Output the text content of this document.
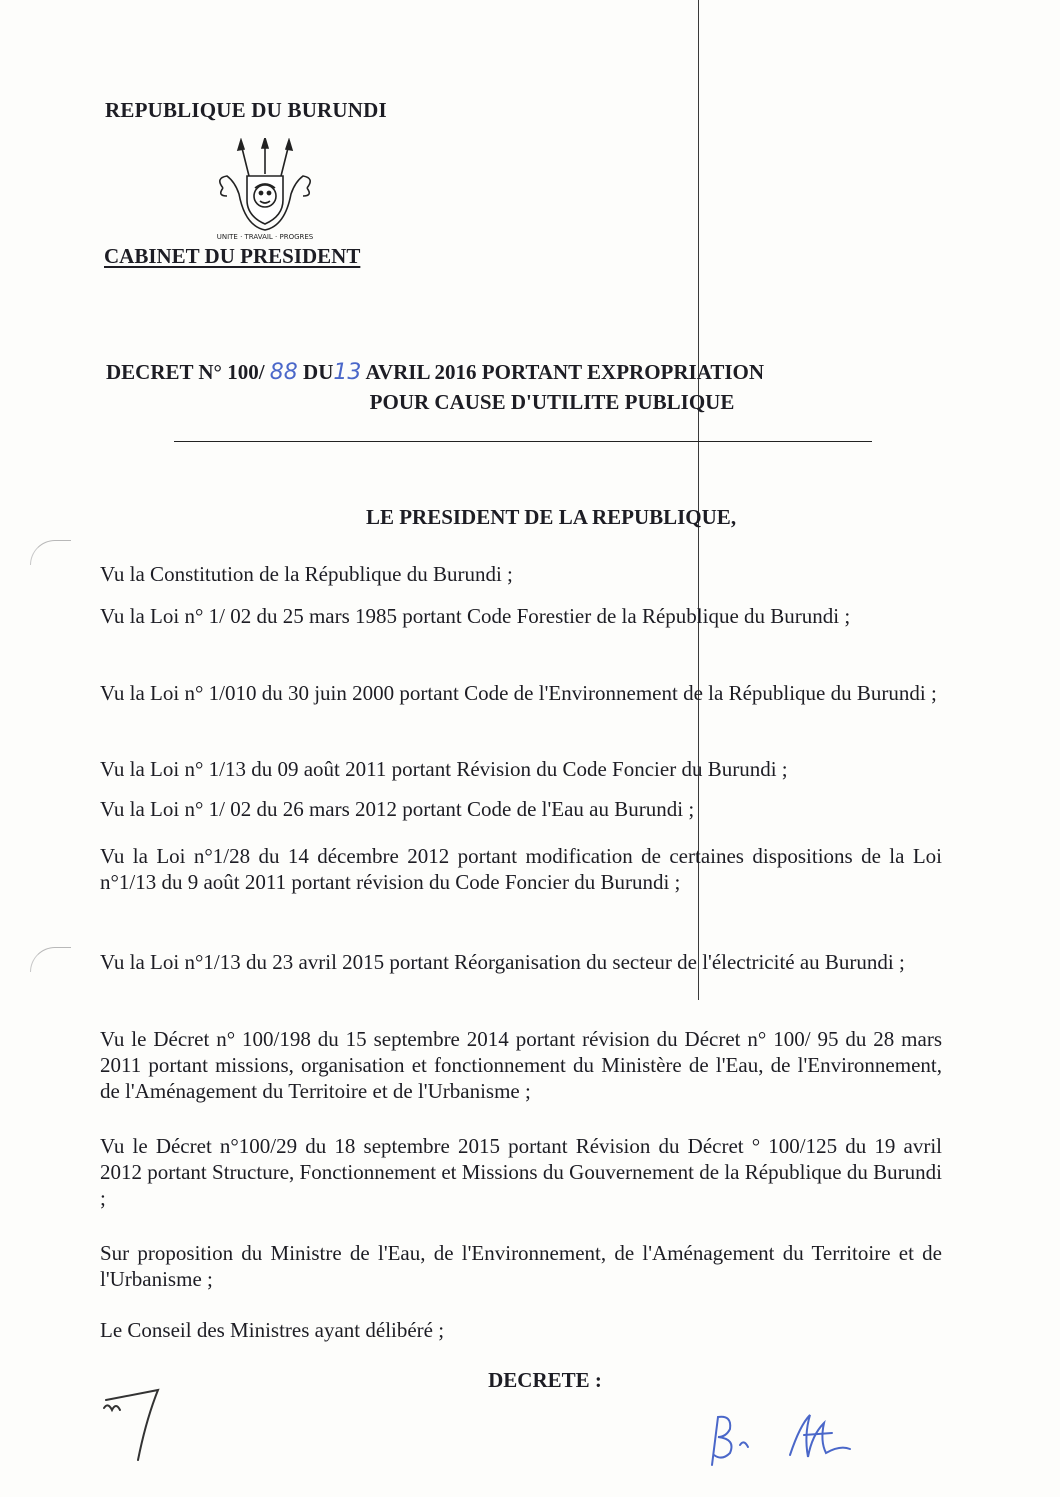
REPUBLIQUE DU BURUNDI
UNITE · TRAVAIL · PROGRES
CABINET DU PRESIDENT
DECRET N° 100/ 88 DU13 AVRIL 2016 PORTANT EXPROPRIATION
POUR CAUSE D'UTILITE PUBLIQUE
LE PRESIDENT DE LA REPUBLIQUE,
Vu la Constitution de la République du Burundi ;
Vu la Loi n° 1/ 02 du 25 mars 1985 portant Code Forestier de la République du Burundi ;
Vu la Loi n° 1/010 du 30 juin 2000 portant Code de l'Environnement de la République du Burundi ;
Vu la Loi n° 1/13 du 09 août 2011 portant Révision du Code Foncier du Burundi ;
Vu la Loi n° 1/ 02 du 26 mars 2012 portant Code de l'Eau au Burundi ;
Vu la Loi n°1/28 du 14 décembre 2012 portant modification de certaines dispositions de la Loi n°1/13 du 9 août 2011 portant révision du Code Foncier du Burundi ;
Vu la Loi n°1/13 du 23 avril 2015 portant Réorganisation du secteur de l'électricité au Burundi ;
Vu le Décret n° 100/198 du 15 septembre 2014 portant révision du Décret n° 100/ 95 du 28 mars 2011 portant missions, organisation et fonctionnement du Ministère de l'Eau, de l'Environnement, de l'Aménagement du Territoire et de l'Urbanisme ;
Vu le Décret n°100/29 du 18 septembre 2015 portant Révision du Décret ° 100/125 du 19 avril 2012 portant Structure, Fonctionnement et Missions du Gouvernement de la République du Burundi ;
Sur proposition du Ministre de l'Eau, de l'Environnement, de l'Aménagement du Territoire et de l'Urbanisme ;
Le Conseil des Ministres ayant délibéré ;
DECRETE :
